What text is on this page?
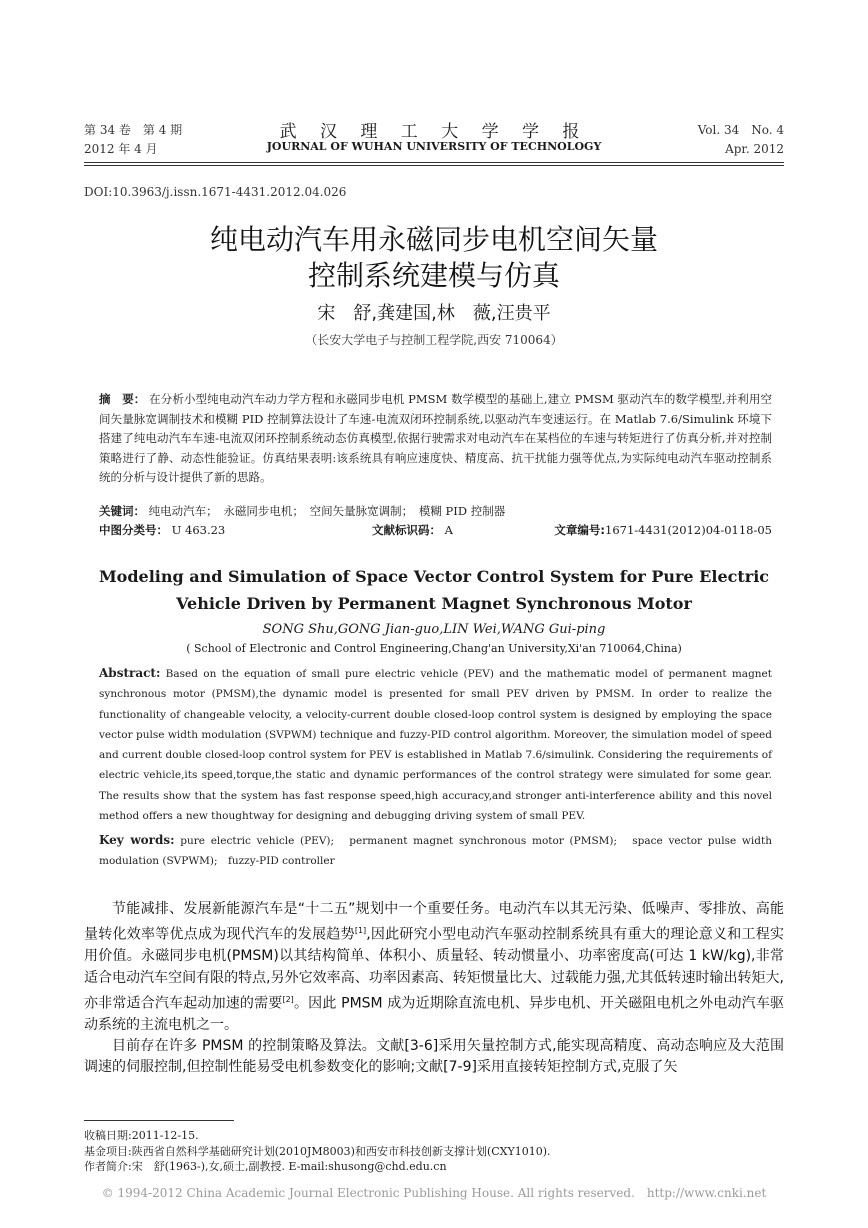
第 34 卷　第 4 期
2012 年 4 月
武 汉 理 工 大 学 学 报
JOURNAL OF WUHAN UNIVERSITY OF TECHNOLOGY
Vol. 34　No. 4
Apr. 2012
DOI:10.3963/j.issn.1671-4431.2012.04.026
纯电动汽车用永磁同步电机空间矢量
控制系统建模与仿真
宋　舒,龚建国,林　薇,汪贵平
（长安大学电子与控制工程学院,西安 710064）
摘　要： 在分析小型纯电动汽车动力学方程和永磁同步电机 PMSM 数学模型的基础上,建立 PMSM 驱动汽车的数学模型,并利用空间矢量脉宽调制技术和模糊 PID 控制算法设计了车速-电流双闭环控制系统,以驱动汽车变速运行。在 Matlab 7.6/Simulink 环境下搭建了纯电动汽车车速-电流双闭环控制系统动态仿真模型,依据行驶需求对电动汽车在某档位的车速与转矩进行了仿真分析,并对控制策略进行了静、动态性能验证。仿真结果表明:该系统具有响应速度快、精度高、抗干扰能力强等优点,为实际纯电动汽车驱动控制系统的分析与设计提供了新的思路。
关键词： 纯电动汽车；　永磁同步电机；　空间矢量脉宽调制；　模糊 PID 控制器
中图分类号： U 463.23	文献标识码： A	文章编号:1671-4431(2012)04-0118-05
Modeling and Simulation of Space Vector Control System for Pure Electric
Vehicle Driven by Permanent Magnet Synchronous Motor
SONG Shu,GONG Jian-guo,LIN Wei,WANG Gui-ping
( School of Electronic and Control Engineering,Chang'an University,Xi'an 710064,China)
Abstract: Based on the equation of small pure electric vehicle (PEV) and the mathematic model of permanent magnet synchronous motor (PMSM),the dynamic model is presented for small PEV driven by PMSM. In order to realize the functionality of changeable velocity, a velocity-current double closed-loop control system is designed by employing the space vector pulse width modulation (SVPWM) technique and fuzzy-PID control algorithm. Moreover, the simulation model of speed and current double closed-loop control system for PEV is established in Matlab 7.6/simulink. Considering the requirements of electric vehicle,its speed,torque,the static and dynamic performances of the control strategy were simulated for some gear. The results show that the system has fast response speed,high accuracy,and stronger anti-interference ability and this novel method offers a new thoughtway for designing and debugging driving system of small PEV.
Key words: pure electric vehicle (PEV);　permanent magnet synchronous motor (PMSM);　space vector pulse width modulation (SVPWM);　fuzzy-PID controller

节能减排、发展新能源汽车是“十二五”规划中一个重要任务。电动汽车以其无污染、低噪声、零排放、高能量转化效率等优点成为现代汽车的发展趋势[1],因此研究小型电动汽车驱动控制系统具有重大的理论意义和工程实用价值。永磁同步电机(PMSM)以其结构简单、体积小、质量轻、转动惯量小、功率密度高(可达 1 kW/kg),非常适合电动汽车空间有限的特点,另外它效率高、功率因素高、转矩惯量比大、过载能力强,尤其低转速时输出转矩大,亦非常适合汽车起动加速的需要[2]。因此 PMSM 成为近期除直流电机、异步电机、开关磁阻电机之外电动汽车驱动系统的主流电机之一。

目前存在许多 PMSM 的控制策略及算法。文献[3-6]采用矢量控制方式,能实现高精度、高动态响应及大范围调速的伺服控制,但控制性能易受电机参数变化的影响;文献[7-9]采用直接转矩控制方式,克服了矢

收稿日期:2011-12-15.
基金项目:陕西省自然科学基础研究计划(2010JM8003)和西安市科技创新支撑计划(CXY1010).
作者简介:宋　舒(1963-),女,硕士,副教授. E-mail:shusong@chd.edu.cn
© 1994-2012 China Academic Journal Electronic Publishing House. All rights reserved.　http://www.cnki.net
